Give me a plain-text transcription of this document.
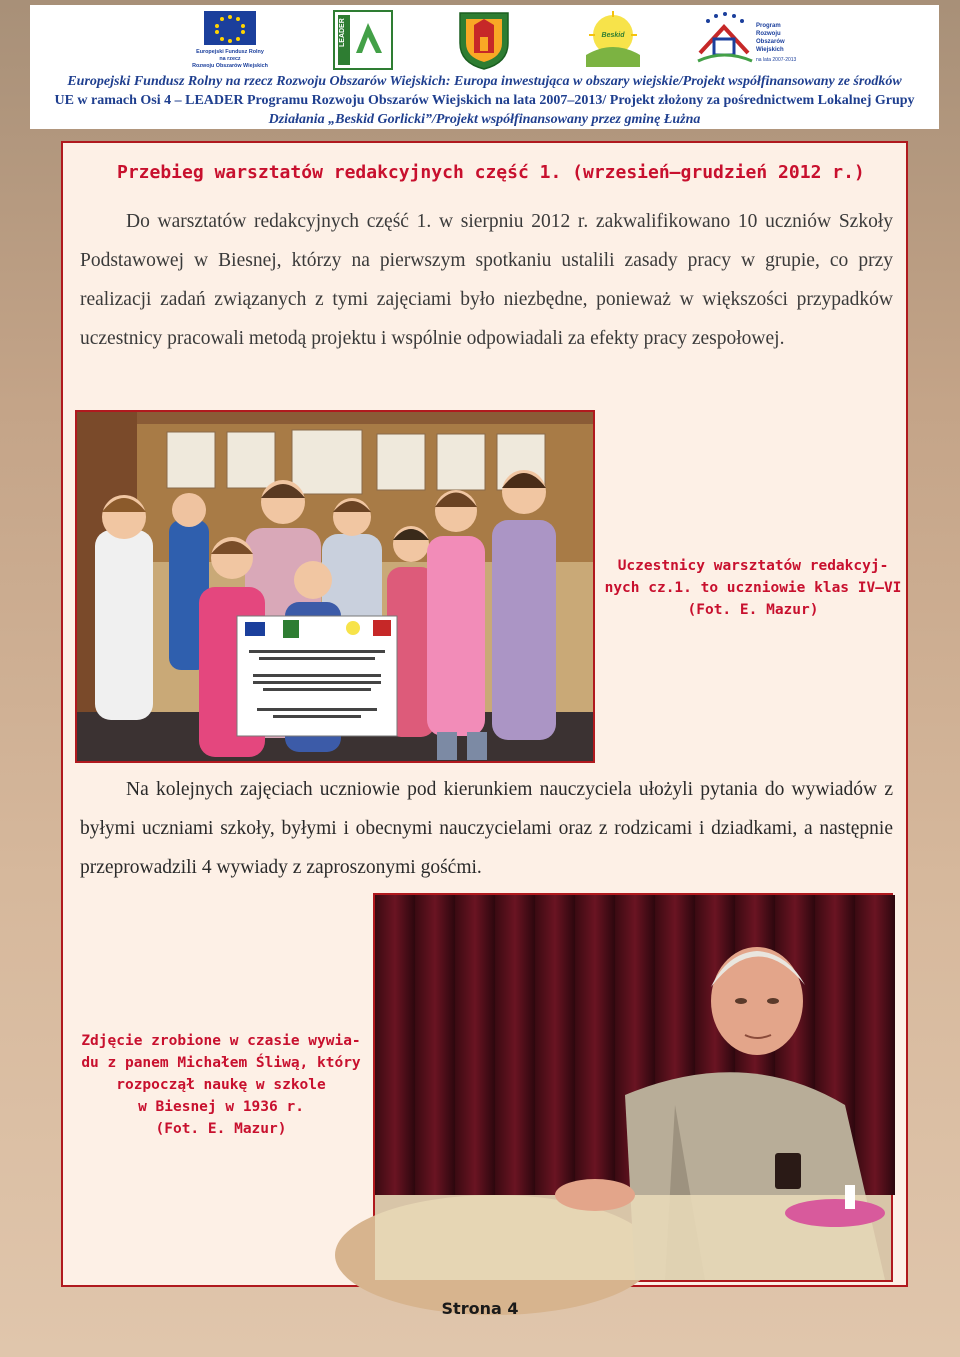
Europejski Fundusz Rolny
na rzecz
Rozwoju Obszarów Wiejskich
LEADER	Beskid
Program
Rozwoju
Obszarów
Wiejskich
na lata 2007-2013
Europejski Fundusz Rolny na rzecz Rozwoju Obszarów Wiejskich: Europa inwestująca w obszary wiejskie/Projekt współfinansowany ze środków
UE w ramach Osi 4 – LEADER Programu Rozwoju Obszarów Wiejskich na lata 2007–2013/ Projekt złożony za pośrednictwem Lokalnej Grupy
Działania „Beskid Gorlicki”/Projekt współfinansowany przez gminę Łużna
Przebieg warsztatów redakcyjnych część 1. (wrzesień–grudzień 2012 r.)

Do warsztatów redakcyjnych część 1. w sierpniu 2012 r. zakwalifikowano 10 uczniów Szkoły Podstawowej w Biesnej, którzy na pierwszym spotkaniu ustalili zasady pracy w grupie, co przy realizacji zadań związanych z tymi zajęciami było niezbędne, ponieważ w większości przypadków uczestnicy pracowali metodą projektu i wspólnie odpowiadali za efekty pracy zespołowej.

Uczestnicy warsztatów redakcyj-
nych cz.1. to uczniowie klas IV–VI
(Fot. E. Mazur)

Na kolejnych zajęciach uczniowie pod kierunkiem nauczyciela ułożyli pytania do wywiadów z byłymi uczniami szkoły, byłymi i obecnymi nauczycielami oraz z rodzicami i dziadkami, a następnie przeprowadzili 4 wywiady z zaproszonymi gośćmi.

Zdjęcie zrobione w czasie wywia-
du z panem Michałem Śliwą, który
rozpoczął naukę w szkole
w Biesnej w 1936 r.
(Fot. E. Mazur)
Strona 4
